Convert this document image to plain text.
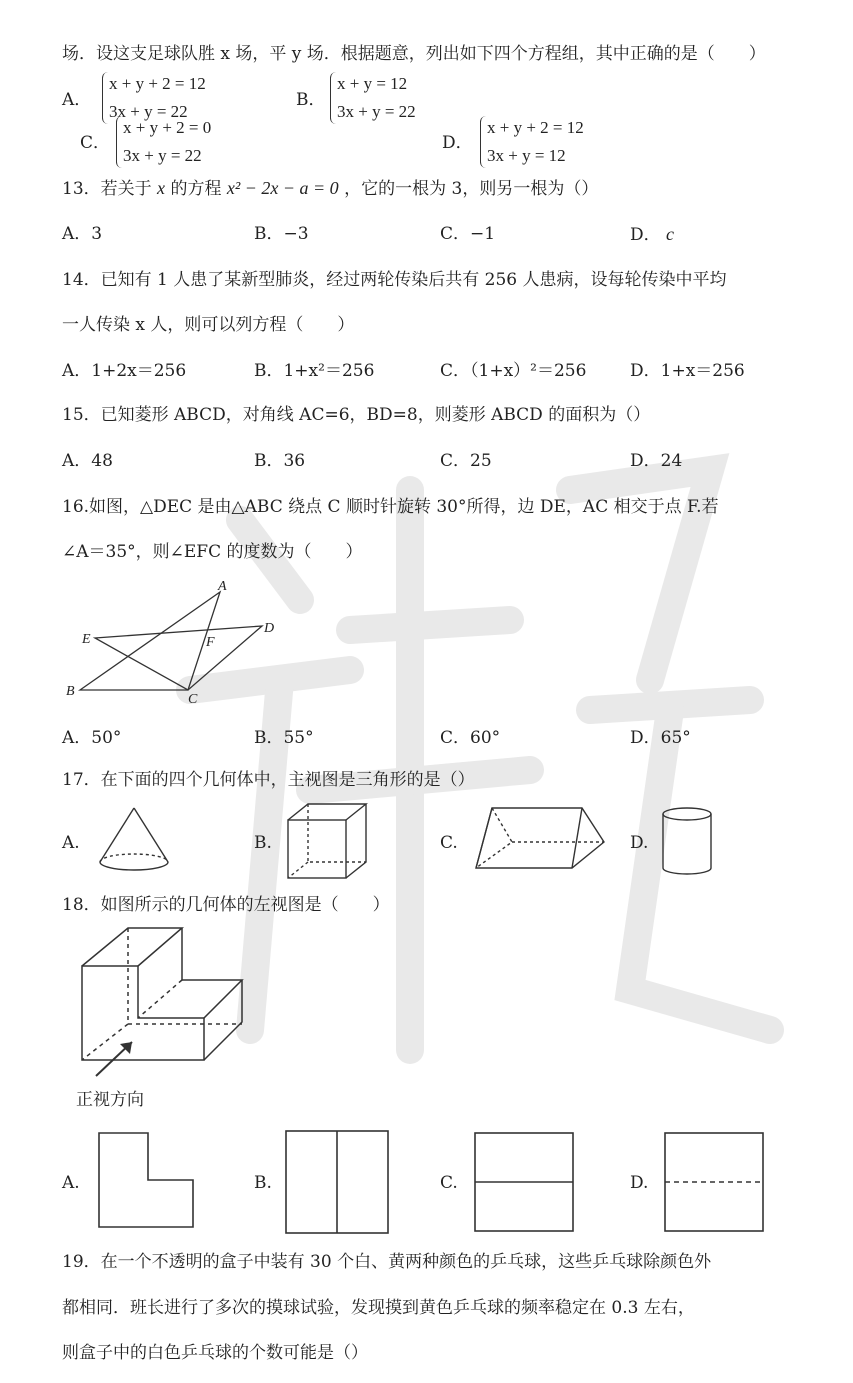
场．设这支足球队胜 x 场，平 y 场．根据题意，列出如下四个方程组，其中正确的是（　　）
A．
x + y + 2 = 12
3x + y = 22
B．
x + y = 12
3x + y = 22
C．
x + y + 2 = 0
3x + y = 22
D．
x + y + 2 = 12
3x + y = 12
13．若关于 x 的方程 x² − 2x − a = 0 ，它的一根为 3，则另一根为（）
A．3	B．−3	C．−1	D． c
14．已知有 1 人患了某新型肺炎，经过两轮传染后共有 256 人患病，设每轮传染中平均
一人传染 x 人，则可以列方程（　　）
A．1+2x＝256	B．1+x²＝256	C．（1+x）²＝256	D．1+x＝256
15．已知菱形 ABCD，对角线 AC=6，BD=8，则菱形 ABCD 的面积为（）
A．48	B．36	C．25	D．24
16.如图，△DEC 是由△ABC 绕点 C 顺时针旋转 30°所得，边 DE，AC 相交于点 F.若
∠A＝35°，则∠EFC 的度数为（　　）
A
B
C
D
E	F
A．50°	B．55°	C．60°	D．65°
17．在下面的四个几何体中，主视图是三角形的是（）
A.	B.	C.	D.
18．如图所示的几何体的左视图是（　　）
正视方向
A.	B.	C.	D.
19．在一个不透明的盒子中装有 30 个白、黄两种颜色的乒乓球，这些乒乓球除颜色外
都相同．班长进行了多次的摸球试验，发现摸到黄色乒乓球的频率稳定在 0.3 左右，
则盒子中的白色乒乓球的个数可能是（）
